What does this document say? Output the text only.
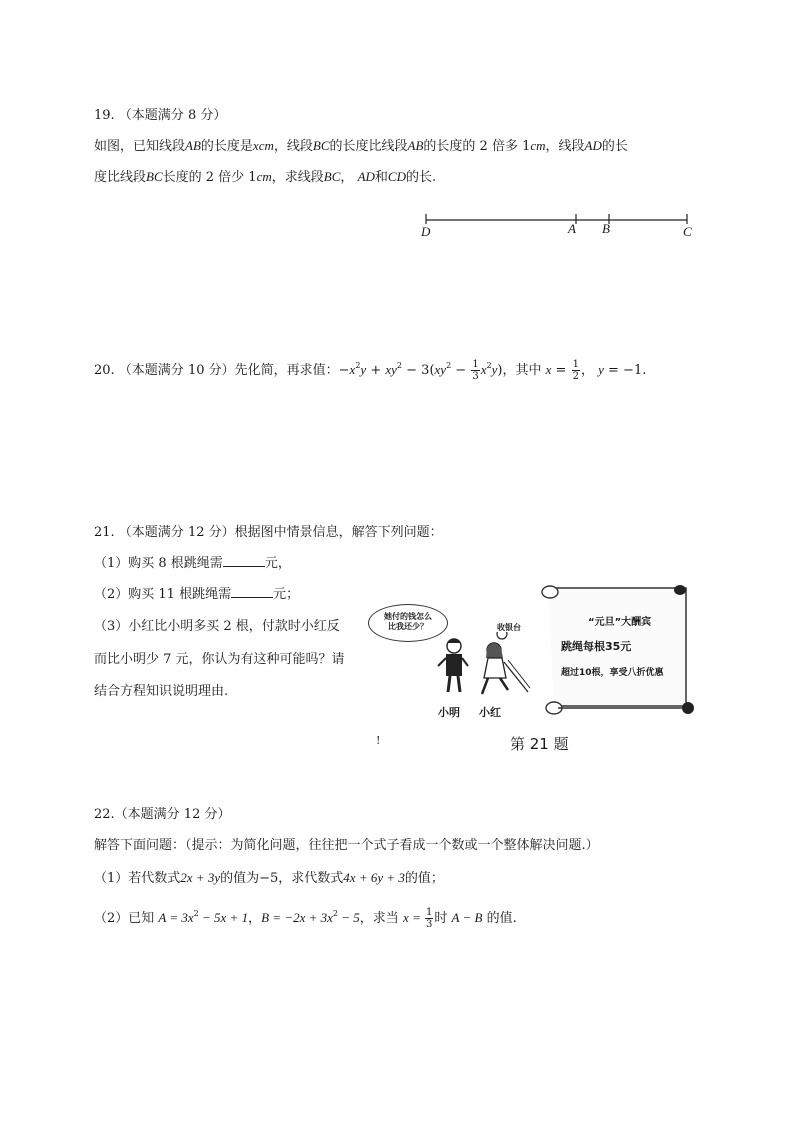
19. （本题满分 8 分）
如图，已知线段AB的长度是xcm，线段BC的长度比线段AB的长度的 2 倍多 1cm，线段AD的长
度比线段BC长度的 2 倍少 1cm，求线段BC， AD和CD的长.
D	A B	C
20. （本题满分 10 分）先化简，再求值：$-x^2y + xy^2 - 3(xy^2 - \frac{1}{3} x^2y)$，其中 $x = \frac{1}{2}$ ， y = −1.
21. （本题满分 12 分）根据图中情景信息，解答下列问题：
（1）购买 8 根跳绳需	元，
（2）购买 11 根跳绳需	元；
（3）小红比小明多买 2 根，付款时小红反
而比小明少 7 元，你认为有这种可能吗？请
结合方程知识说明理由.
她付的钱怎么
比我还少？	收银台
小明 小红
“元旦”大酬宾
跳绳每根35元
超过10根，享受八折优惠
!	第 21 题
22.（本题满分 12 分）
解答下面问题：（提示：为简化问题，往往把一个式子看成一个数或一个整体解决问题.）
（1）若代数式2x + 3y的值为−5，求代数式4x + 6y + 3的值；
（2）已知 $A = 3x^2 - 5x + 1$，$B = -2x + 3x^2 - 5$，求当 $x = \frac{1}{3}$ 时 A − B 的值.
